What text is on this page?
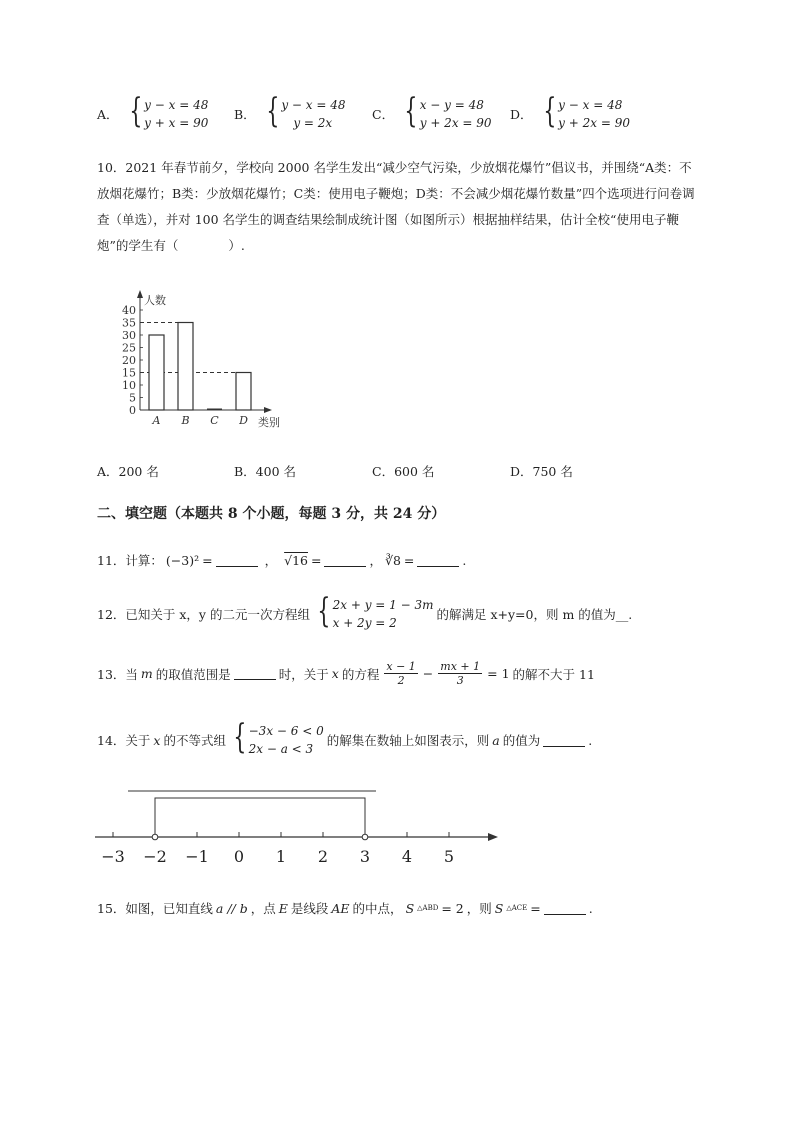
A． { y − x = 48
y + x = 90
B． { y − x = 48
y = 2x
C． { x − y = 48
y + 2x = 90
D． { y − x = 48
y + 2x = 90
10．2021 年春节前夕，学校向 2000 名学生发出“减少空气污染，少放烟花爆竹”倡议书，并围绕“A类：不放烟花爆竹；B类：少放烟花爆竹；C类：使用电子鞭炮；D类：不会减少烟花爆竹数量”四个选项进行问卷调查（单选），并对 100 名学生的调查结果绘制成统计图（如图所示）根据抽样结果，估计全校“使用电子鞭炮”的学生有（　　　　）.
0
5
10
15
20
25
30
35
40
人数
类别
A B C D
A．200 名	B．400 名	C．600 名	D．750 名
二、填空题（本题共 8 个小题，每题 3 分，共 24 分）
11．计算： (−3)² =	， √16 =	， ∛8 =	.
12．已知关于 x，y 的二元一次方程组 { 2x + y = 1 − 3m
x + 2y = 2
的解满足 x+y=0，则 m 的值为__.
13．当 m 的取值范围是	时，关于 x 的方程 $\frac{x - 1}{2} - \frac{mx + 1}{3} = 1$ 的解不大于 11
14．关于 x 的不等式组 { −3x − 6 < 0
2x − a < 3
的解集在数轴上如图表示，则 a 的值为	.
−3 −2 −1 0 1 2 3 4 5
15．如图，已知直线 a // b ，点 E 是线段 AE 的中点， S △ABD = 2 ，则 S △ACE =	.
